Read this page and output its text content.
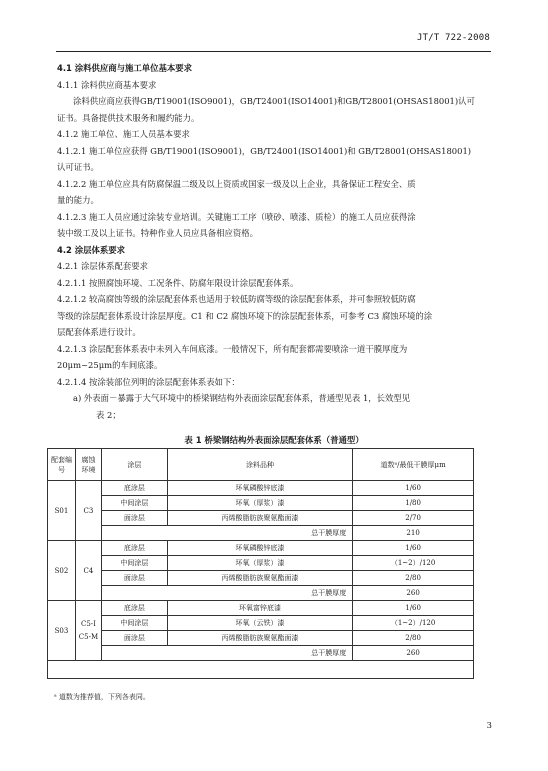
JT/T 722-2008
4.1 涂料供应商与施工单位基本要求
4.1.1 涂料供应商基本要求
涂料供应商应获得GB/T19001(ISO9001)，GB/T24001(ISO14001)和GB/T28001(OHSAS18001)认可
证书。具备提供技术服务和履约能力。
4.1.2 施工单位、施工人员基本要求
4.1.2.1 施工单位应获得 GB/T19001(ISO9001)，GB/T24001(ISO14001)和 GB/T28001(OHSAS18001)
认可证书。
4.1.2.2 施工单位应具有防腐保温二级及以上资质或国家一级及以上企业，具备保证工程安全、质
量的能力。
4.1.2.3 施工人员应通过涂装专业培训。关键施工工序（喷砂、喷漆、质检）的施工人员应获得涂
装中级工及以上证书。特种作业人员应具备相应资格。
4.2 涂层体系要求
4.2.1 涂层体系配套要求
4.2.1.1 按照腐蚀环境、工况条件、防腐年限设计涂层配套体系。
4.2.1.2 较高腐蚀等级的涂层配套体系也适用于较低防腐等级的涂层配套体系，并可参照较低防腐
等级的涂层配套体系设计涂层厚度。C1 和 C2 腐蚀环境下的涂层配套体系，可参考 C3 腐蚀环境的涂
层配套体系进行设计。
4.2.1.3 涂层配套体系表中未列入车间底漆。一般情况下，所有配套都需要喷涂一道干膜厚度为
20μm~25μm的车间底漆。
4.2.1.4 按涂装部位列明的涂层配套体系表如下：
a) 外表面－暴露于大气环境中的桥梁钢结构外表面涂层配套体系，普通型见表 1，长效型见
表 2；
表 1 桥梁钢结构外表面涂层配套体系（普通型）
配套编号	腐蚀环境	涂层	涂料品种	道数ᵃ/最低干膜厚μm
S01	C3	底涂层	环氧磷酸锌底漆	1/60
		中间涂层	环氧（厚浆）漆	1/80
		面涂层	丙烯酸脂肪族聚氨酯面漆	2/70
		总干膜厚度		210
S02	C4	底涂层	环氧磷酸锌底漆	1/60
		中间涂层	环氧（厚浆）漆	（1~2）/120
		面涂层	丙烯酸脂肪族聚氨酯面漆	2/80
		总干膜厚度		260
S03	C5-I
C5-M	底涂层	环氧富锌底漆	1/60
		中间涂层	环氧（云铁）漆	（1~2）/120
		面涂层	丙烯酸脂肪族聚氨酯面漆	2/80
		总干膜厚度		260

ᵃ 道数为推荐值，下列各表同。
3
